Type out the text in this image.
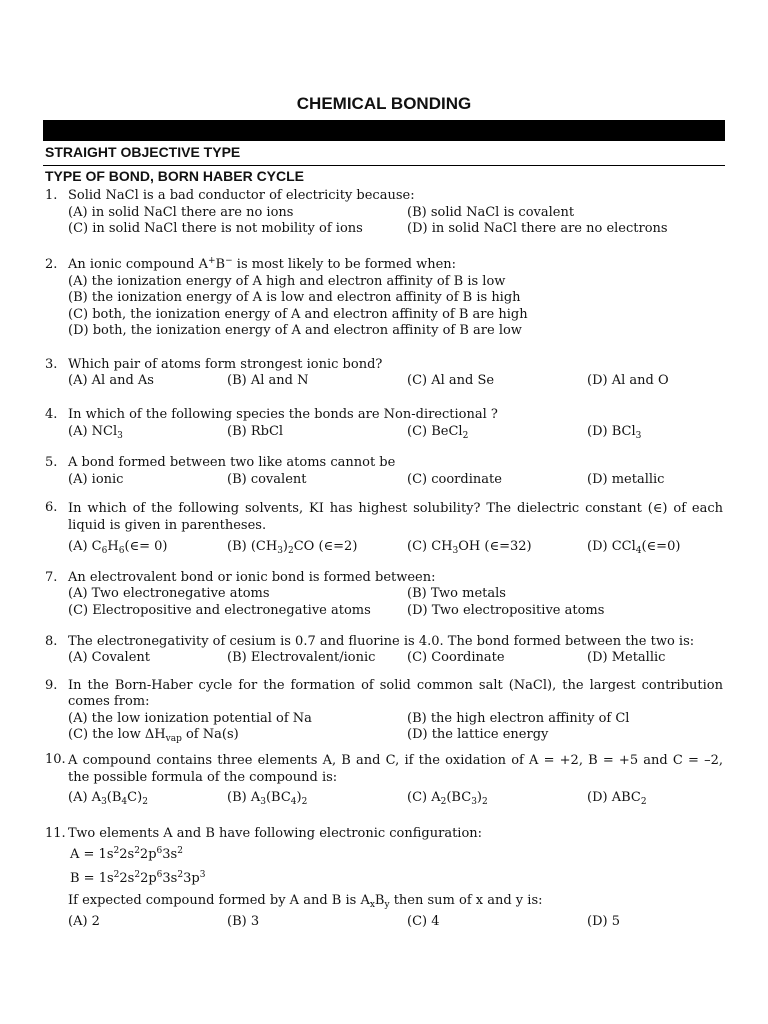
CHEMICAL BONDING
STRAIGHT OBJECTIVE TYPE
TYPE OF BOND, BORN HABER CYCLE
1. Solid NaCl is a bad conductor of electricity because:
(A) in solid NaCl there are no ions	(B) solid NaCl is covalent
(C) in solid NaCl there is not mobility of ions	(D) in solid NaCl there are no electrons
2. An ionic compound A+B− is most likely to be formed when:
(A) the ionization energy of A high and electron affinity of B is low
(B) the ionization energy of A is low and electron affinity of B is high
(C) both, the ionization energy of A and electron affinity of B are high
(D) both, the ionization energy of A and electron affinity of B are low
3. Which pair of atoms form strongest ionic bond?
(A) Al and As	(B) Al and N	(C) Al and Se	(D) Al and O
4. In which of the following species the bonds are Non-directional ?
(A) NCl$_3$	(B) RbCl	(C) BeCl$_2$	(D) BCl$_3$
5. A bond formed between two like atoms cannot be
(A) ionic	(B) covalent	(C) coordinate	(D) metallic
6. In which of the following solvents, KI has highest solubility? The dielectric constant (∈) of each liquid is given in parentheses.
(A) $C_6H_6(\in= 0)$	(B) $(CH_3)_2CO$ (∈=2)	(C) $CH_3OH$ (∈=32)	(D) CCl$_4$(∈=0)
7. An electrovalent bond or ionic bond is formed between:
(A) Two electronegative atoms	(B) Two metals
(C) Electropositive and electronegative atoms	(D) Two electropositive atoms
8. The electronegativity of cesium is 0.7 and fluorine is 4.0. The bond formed between the two is:
(A) Covalent	(B) Electrovalent/ionic (C) Coordinate	(D) Metallic
9. In the Born-Haber cycle for the formation of solid common salt (NaCl), the largest contribution comes from:
(A) the low ionization potential of Na	(B) the high electron affinity of Cl
(C) the low $\Delta H_{vap}$ of Na(s)	(D) the lattice energy
10. A compound contains three elements A, B and C, if the oxidation of A = +2, B = +5 and C = –2, the possible formula of the compound is:
(A) $A_3(B_4C)_2$	(B) $A_3(BC_4)_2$	(C) $A_2(BC_3)_2$	(D) $ABC_2$
11. Two elements A and B have following electronic configuration:
$A = 1s^22s^22p^63s^2$
$B = 1s^22s^22p^63s^23p^3$
If expected compound formed by A and B is $A_xB_y$ then sum of x and y is:
(A) 2	(B) 3	(C) 4	(D) 5
